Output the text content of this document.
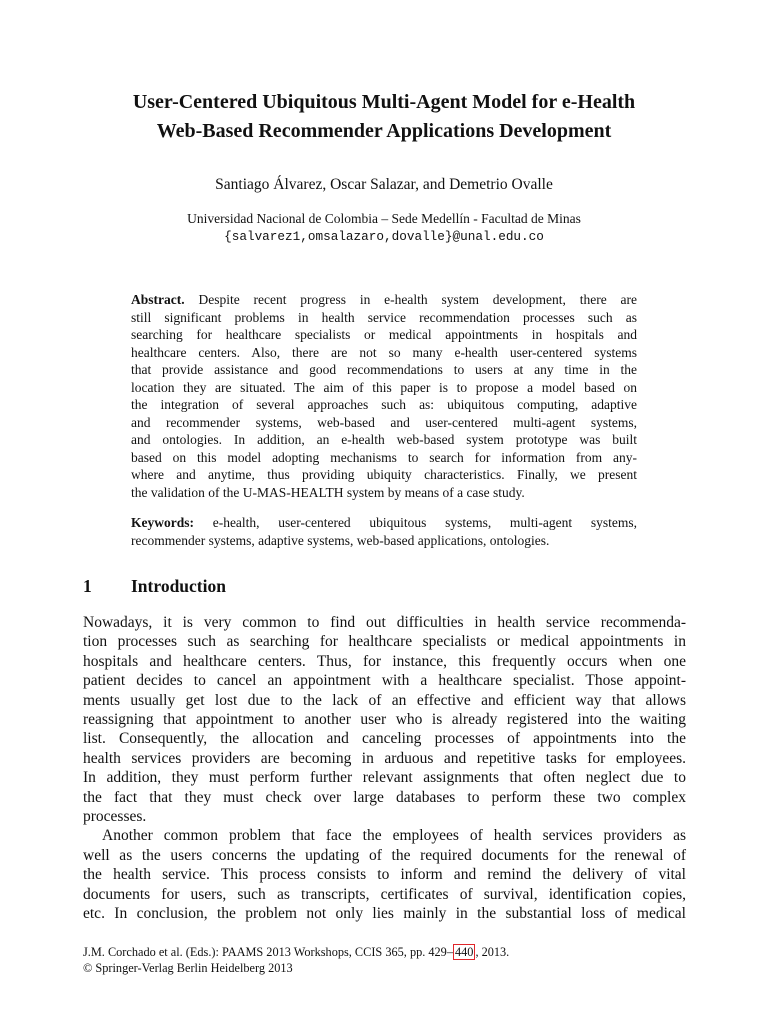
User-Centered Ubiquitous Multi-Agent Model for e-Health
Web-Based Recommender Applications Development
Santiago Álvarez, Oscar Salazar, and Demetrio Ovalle
Universidad Nacional de Colombia – Sede Medellín - Facultad de Minas
{salvarez1,omsalazaro,dovalle}@unal.edu.co
Abstract. Despite recent progress in e-health system development, there are
still significant problems in health service recommendation processes such as
searching for healthcare specialists or medical appointments in hospitals and
healthcare centers. Also, there are not so many e-health user-centered systems
that provide assistance and good recommendations to users at any time in the
location they are situated. The aim of this paper is to propose a model based on
the integration of several approaches such as: ubiquitous computing, adaptive
and recommender systems, web-based and user-centered multi-agent systems,
and ontologies. In addition, an e-health web-based system prototype was built
based on this model adopting mechanisms to search for information from any-
where and anytime, thus providing ubiquity characteristics. Finally, we present
the validation of the U-MAS-HEALTH system by means of a case study.
Keywords: e-health, user-centered ubiquitous systems, multi-agent systems,
recommender systems, adaptive systems, web-based applications, ontologies.
1 Introduction
Nowadays, it is very common to find out difficulties in health service recommenda-
tion processes such as searching for healthcare specialists or medical appointments in
hospitals and healthcare centers. Thus, for instance, this frequently occurs when one
patient decides to cancel an appointment with a healthcare specialist. Those appoint-
ments usually get lost due to the lack of an effective and efficient way that allows
reassigning that appointment to another user who is already registered into the waiting
list. Consequently, the allocation and canceling processes of appointments into the
health services providers are becoming in arduous and repetitive tasks for employees.
In addition, they must perform further relevant assignments that often neglect due to
the fact that they must check over large databases to perform these two complex
processes.
Another common problem that face the employees of health services providers as
well as the users concerns the updating of the required documents for the renewal of
the health service. This process consists to inform and remind the delivery of vital
documents for users, such as transcripts, certificates of survival, identification copies,
etc. In conclusion, the problem not only lies mainly in the substantial loss of medical
J.M. Corchado et al. (Eds.): PAAMS 2013 Workshops, CCIS 365, pp. 429– 440 , 2013.
© Springer-Verlag Berlin Heidelberg 2013
